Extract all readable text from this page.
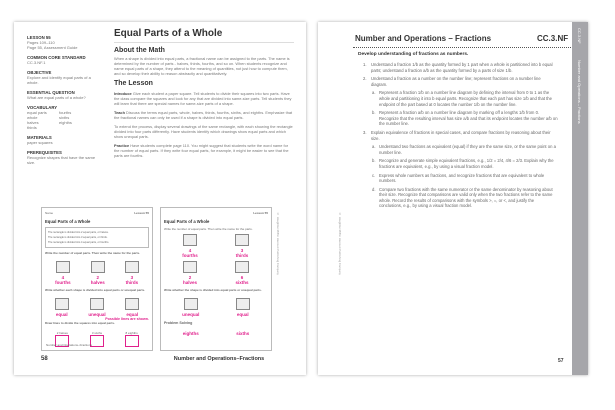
LESSON 55

Pages 109–110

Page 55, Assessment Guide

COMMON CORE STANDARD

CC.3.NF.1

OBJECTIVE

Explore and identify equal parts of a whole.

ESSENTIAL QUESTION

What are equal parts of a whole?

VOCABULARY
equal parts	fourths
whole	sixths
halves	eighths
thirds
MATERIALS

paper squares

PREREQUISITES

Recognize shapes that have the same size.

Equal Parts of a Whole
About the Math

When a shape is divided into equal parts, a fractional name can be assigned to the parts. The name is determined by the number of parts - halves, thirds, fourths, and so on. When students recognize and name equal parts of a shape, they attend to the meaning of quantities, not just how to compute them, and so develop their ability to reason abstractly and quantitatively.

The Lesson

Introduce Give each student a paper square. Tell students to divide their squares into two parts. Have the class compare the squares and look for any that are divided into same-size parts. Tell students they will learn that there are special names for same-size parts of a shape.

Teach Discuss the terms equal parts, whole, halves, thirds, fourths, sixths, and eighths. Emphasize that the fractional names can only be used if a shape is divided into equal parts.

To extend the process, display several drawings of the same rectangle, with each showing the rectangle divided into four parts differently. Have students identify which drawings show equal parts and which show unequal parts.

Practice Have students complete page 110. You might suggest that students write the word name for the number of equal parts. If they write four equal parts, for example, it might be easier to see that the parts are fourths.

Name	Lesson 55
Equal Parts of a Whole
The rectangle is divided into 2 equal parts, or halves.
The rectangle is divided into 3 equal parts, or thirds.
The rectangle is divided into 4 equal parts, or fourths.
Write the number of equal parts. Then write the name for the parts.
4
fourths
2
halves
3
thirds
Write whether each shape is divided into equal parts or unequal parts.
equal	unequal	equal
Possible lines are shown.
Draw lines to divide the squares into equal parts.
2 halves	3 sixths	8 eighths
Number and Operations–Fractions
Lesson 55
Equal Parts of a Whole
Write the number of equal parts. Then write the name for the parts.
4
fourths
3
thirds
2
halves
6
sixths
Write whether the shape is divided into equal parts or unequal parts.
unequal	equal
Problem Solving
eighths	sixths
© Houghton Mifflin Harcourt Publishing Company
58	Number and Operations–Fractions
Number and Operations – Fractions	CC.3.NF
Develop understanding of fractions as numbers.
1.	Understand a fraction 1/b as the quantity formed by 1 part when a whole is partitioned into b equal parts; understand a fraction a/b as the quantity formed by a parts of size 1/b.
2.	Understand a fraction as a number on the number line; represent fractions on a number line diagram.
a. Represent a fraction 1/b on a number line diagram by defining the interval from 0 to 1 as the whole and partitioning it into b equal parts. Recognize that each part has size 1/b and that the endpoint of the part based at 0 locates the number 1/b on the number line.
b. Represent a fraction a/b on a number line diagram by marking off a lengths 1/b from 0. Recognize that the resulting interval has size a/b and that its endpoint locates the number a/b on the number line.
3.	Explain equivalence of fractions in special cases, and compare fractions by reasoning about their size.
a. Understand two fractions as equivalent (equal) if they are the same size, or the same point on a number line.
b. Recognize and generate simple equivalent fractions, e.g., 1/2 = 2/4, 4/6 = 2/3. Explain why the fractions are equivalent, e.g., by using a visual fraction model.
c. Express whole numbers as fractions, and recognize fractions that are equivalent to whole numbers.
d. Compare two fractions with the same numerator or the same denominator by reasoning about their size. Recognize that comparisons are valid only when the two fractions refer to the same whole. Record the results of comparisons with the symbols >, =, or <, and justify the conclusions, e.g., by using a visual fraction model.
CC.3.NF
Number and Operations – Fractions
© Houghton Mifflin Harcourt Publishing Company
57
